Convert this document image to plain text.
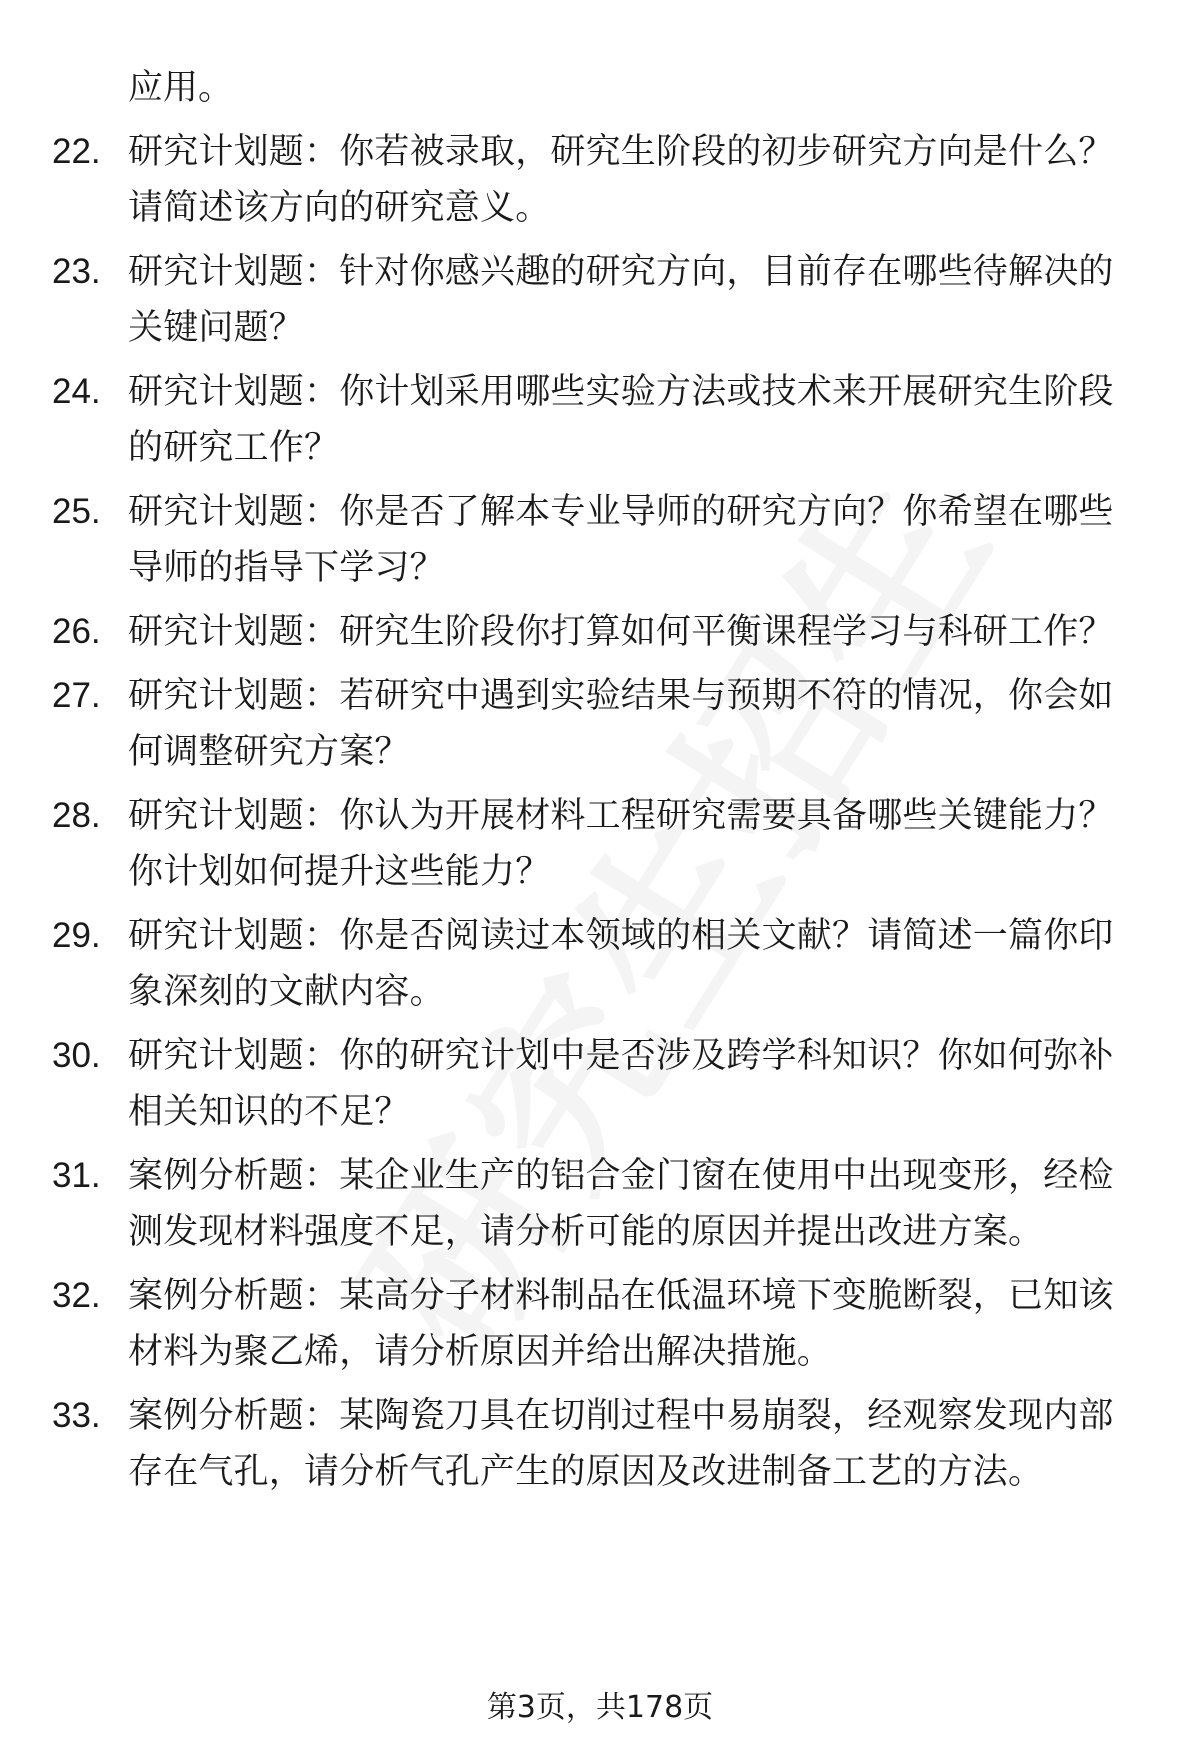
应用。
22. 研究计划题：你若被录取，研究生阶段的初步研究方向是什么？请简述该方向的研究意义。
23. 研究计划题：针对你感兴趣的研究方向，目前存在哪些待解决的关键问题？
24. 研究计划题：你计划采用哪些实验方法或技术来开展研究生阶段的研究工作？
25. 研究计划题：你是否了解本专业导师的研究方向？你希望在哪些导师的指导下学习？
26. 研究计划题：研究生阶段你打算如何平衡课程学习与科研工作？
27. 研究计划题：若研究中遇到实验结果与预期不符的情况，你会如何调整研究方案？
28. 研究计划题：你认为开展材料工程研究需要具备哪些关键能力？你计划如何提升这些能力？
29. 研究计划题：你是否阅读过本领域的相关文献？请简述一篇你印象深刻的文献内容。
30. 研究计划题：你的研究计划中是否涉及跨学科知识？你如何弥补相关知识的不足？
31. 案例分析题：某企业生产的铝合金门窗在使用中出现变形，经检测发现材料强度不足，请分析可能的原因并提出改进方案。
32. 案例分析题：某高分子材料制品在低温环境下变脆断裂，已知该材料为聚乙烯，请分析原因并给出解决措施。
33. 案例分析题：某陶瓷刀具在切削过程中易崩裂，经观察发现内部存在气孔，请分析气孔产生的原因及改进制备工艺的方法。
第3页，共178页
